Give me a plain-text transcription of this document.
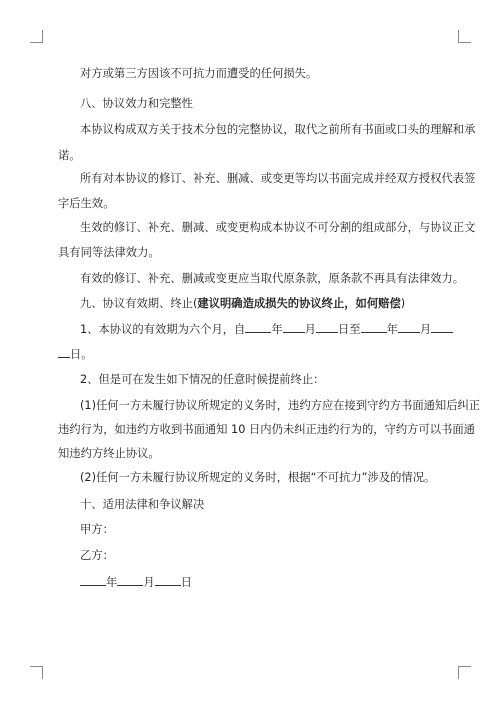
对方或第三方因该不可抗力而遭受的任何损失。
八、协议效力和完整性
本协议构成双方关于技术分包的完整协议，取代之前所有书面或口头的理解和承
诺。
所有对本协议的修订、补充、删减、或变更等均以书面完成并经双方授权代表签
字后生效。
生效的修订、补充、删减、或变更构成本协议不可分割的组成部分，与协议正文
具有同等法律效力。
有效的修订、补充、删减或变更应当取代原条款，原条款不再具有法律效力。
九、协议有效期、终止(建议明确造成损失的协议终止，如何赔偿)
1、本协议的有效期为六个月，自 年 月 日至 年 月
日。
2、但是可在发生如下情况的任意时候提前终止：
(1)任何一方未履行协议所规定的义务时，违约方应在接到守约方书面通知后纠正
违约行为，如违约方收到书面通知 10 日内仍未纠正违约行为的，守约方可以书面通
知违约方终止协议。
(2)任何一方未履行协议所规定的义务时，根据“不可抗力”涉及的情况。
十、适用法律和争议解决
甲方：
乙方：
年 月 日
